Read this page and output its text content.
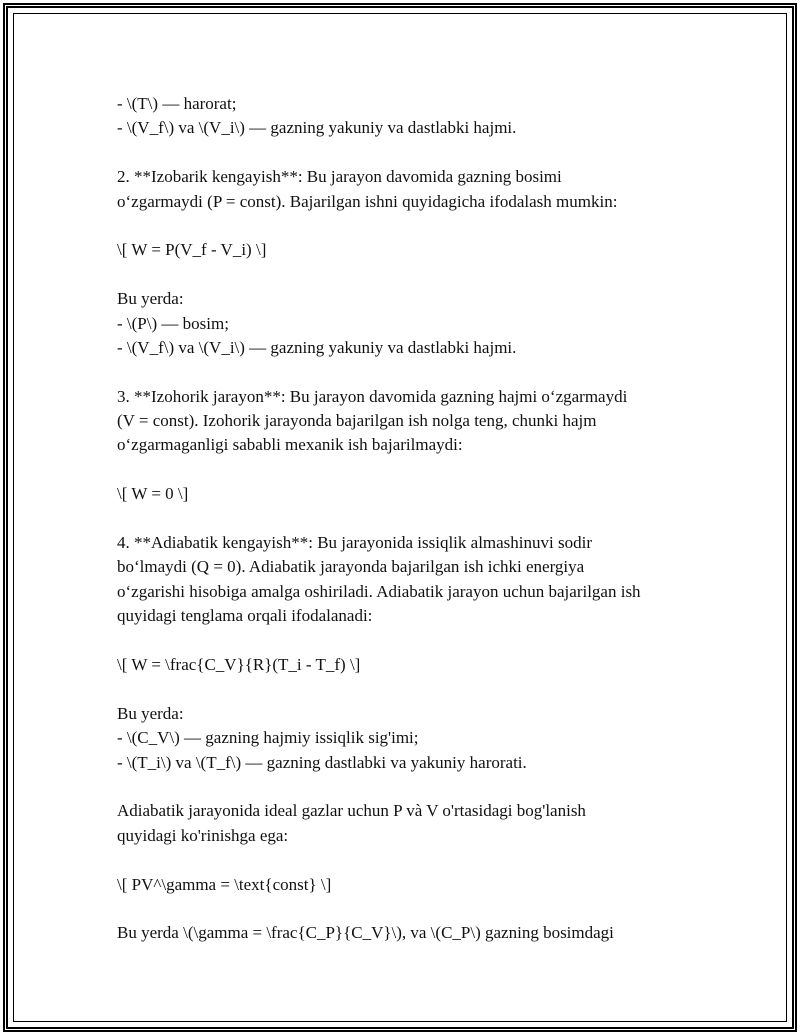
- \(T\) — harorat;

- \(V_f\) va \(V_i\) — gazning yakuniy va dastlabki hajmi.

2. **Izobarik kengayish**: Bu jarayon davomida gazning bosimi

o‘zgarmaydi (P = const). Bajarilgan ishni quyidagicha ifodalash mumkin:

\[ W = P(V_f - V_i) \]

Bu yerda:

- \(P\) — bosim;

- \(V_f\) va \(V_i\) — gazning yakuniy va dastlabki hajmi.

3. **Izohorik jarayon**: Bu jarayon davomida gazning hajmi o‘zgarmaydi

(V = const). Izohorik jarayonda bajarilgan ish nolga teng, chunki hajm

o‘zgarmaganligi sababli mexanik ish bajarilmaydi:

\[ W = 0 \]

4. **Adiabatik kengayish**: Bu jarayonida issiqlik almashinuvi sodir

bo‘lmaydi (Q = 0). Adiabatik jarayonda bajarilgan ish ichki energiya

o‘zgarishi hisobiga amalga oshiriladi. Adiabatik jarayon uchun bajarilgan ish

quyidagi tenglama orqali ifodalanadi:

\[ W = \frac{C_V}{R}(T_i - T_f) \]

Bu yerda:

- \(C_V\) — gazning hajmiy issiqlik sig'imi;

- \(T_i\) va \(T_f\) — gazning dastlabki va yakuniy harorati.

Adiabatik jarayonida ideal gazlar uchun P và V o'rtasidagi bog'lanish

quyidagi ko'rinishga ega:

\[ PV^\gamma = \text{const} \]

Bu yerda \(\gamma = \frac{C_P}{C_V}\), va \(C_P\) gazning bosimdagi
